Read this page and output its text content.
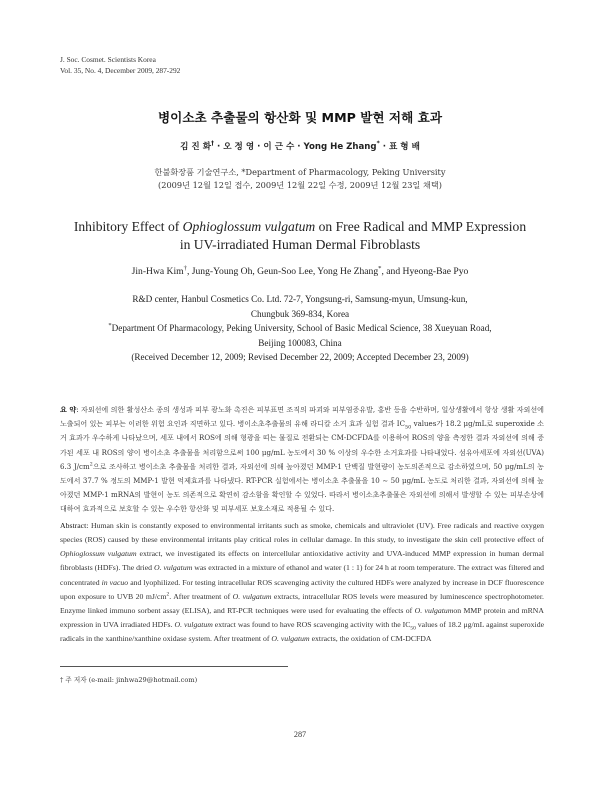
J. Soc. Cosmet. Scientists Korea
Vol. 35, No. 4, December 2009, 287-292
병이소초 추출물의 항산화 및 MMP 발현 저해 효과
김 진 화† · 오 정 영 · 이 근 수 · Yong He Zhang* · 표 형 배
한불화장품 기술연구소, *Department of Pharmacology, Peking University
(2009년 12월 12일 접수, 2009년 12월 22일 수정, 2009년 12월 23일 채택)
Inhibitory Effect of Ophioglossum vulgatum on Free Radical and MMP Expression
in UV-irradiated Human Dermal Fibroblasts
Jin-Hwa Kim†, Jung-Young Oh, Geun-Soo Lee, Yong He Zhang*, and Hyeong-Bae Pyo
R&D center, Hanbul Cosmetics Co. Ltd. 72-7, Yongsung-ri, Samsung-myun, Umsung-kun,
Chungbuk 369-834, Korea
*Department Of Pharmacology, Peking University, School of Basic Medical Science, 38 Xueyuan Road,
Beijing 100083, China
(Received December 12, 2009; Revised December 22, 2009; Accepted December 23, 2009)
요 약: 자외선에 의한 활성산소 종의 생성과 피부 광노화 촉진은 피부표면 조직의 파괴와 피부염증유발, 홍반 등을 수반하며, 일상생활에서 항상 생활 자외선에 노출되어 있는 피부는 이러한 위험 요인과 직면하고 있다. 병이소초추출물의 유해 라디칼 소거 효과 실험 결과 $IC_{50}$ values가 18.2 μg/mL로 superoxide 소거 효과가 우수하게 나타났으며, 세포 내에서 ROS에 의해 형광을 띠는 물질로 전환되는 CM-DCFDA를 이용하여 ROS의 양을 측정한 결과 자외선에 의해 증가된 세포 내 ROS의 양이 병이소초 추출물을 처리함으로써 100 μg/mL 농도에서 30 % 이상의 우수한 소거효과를 나타내었다. 섬유아세포에 자외선(UVA) 6.3 $J/cm^2$으로 조사하고 병이소초 추출물을 처리한 결과, 자외선에 의해 높아졌던 MMP-1 단백질 발현량이 농도의존적으로 감소하였으며, 50 μg/mL의 농도에서 37.7 % 정도의 MMP-1 발현 억제효과를 나타냈다. RT-PCR 실험에서는 병이소초 추출물을 10 ∼ 50 μg/mL 농도로 처리한 결과, 자외선에 의해 높아졌던 MMP-1 mRNA의 발현이 농도 의존적으로 확연히 감소함을 확인할 수 있었다. 따라서 병이소초추출물은 자외선에 의해서 발생할 수 있는 피부손상에 대하여 효과적으로 보호할 수 있는 우수한 항산화 및 피부세포 보호소재로 적용될 수 있다.
Abstract: Human skin is constantly exposed to environmental irritants such as smoke, chemicals and ultraviolet (UV). Free radicals and reactive oxygen species (ROS) caused by these environmental irritants play critical roles in cellular damage. In this study, to investigate the skin cell protective effect of Ophioglossum vulgatum extract, we investigated its effects on intercellular antioxidative activity and UVA-induced MMP expression in human dermal fibroblasts (HDFs). The dried O. vulgatum was extracted in a mixture of ethanol and water (1 : 1) for 24 h at room temperature. The extract was filtered and concentrated in vacuo and lyophilized. For testing intracellular ROS scavenging activity the cultured HDFs were analyzed by increase in DCF fluorescence upon exposure to UVB 20 $mJ/cm^2$. After treatment of O. vulgatum extracts, intracellular ROS levels were measured by luminescence spectrophotometer. Enzyme linked immuno sorbent assay (ELISA), and RT-PCR techniques were used for evaluating the effects of O. vulgatumon MMP protein and mRNA expression in UVA irradiated HDFs. O. vulgatum extract was found to have ROS scavenging activity with the $IC_{50}$ values of 18.2 μg/mL against superoxide radicals in the xanthine/xanthine oxidase system. After treatment of O. vulgatum extracts, the oxidation of CM-DCFDA
† 주 저자 (e-mail: jinhwa29@hotmail.com)
287
